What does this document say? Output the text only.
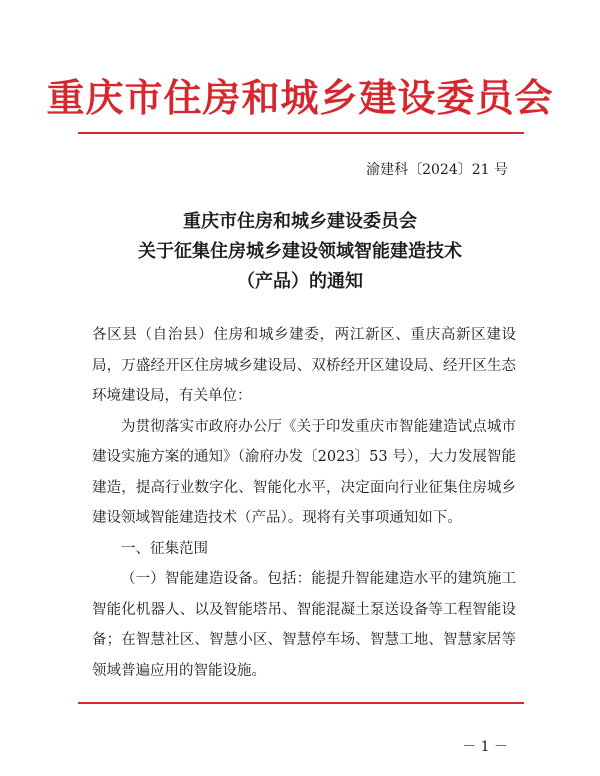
重庆市住房和城乡建设委员会
渝建科〔2024〕21 号
重庆市住房和城乡建设委员会
关于征集住房城乡建设领域智能建造技术
（产品）的通知

各区县（自治县）住房和城乡建委，两江新区、重庆高新区建设局，万盛经开区住房城乡建设局、双桥经开区建设局、经开区生态环境建设局，有关单位：

为贯彻落实市政府办公厅《关于印发重庆市智能建造试点城市建设实施方案的通知》（渝府办发〔2023〕53 号），大力发展智能建造，提高行业数字化、智能化水平，决定面向行业征集住房城乡建设领域智能建造技术（产品）。现将有关事项通知如下。

一、征集范围

（一）智能建造设备。包括：能提升智能建造水平的建筑施工智能化机器人、以及智能塔吊、智能混凝土泵送设备等工程智能设备；在智慧社区、智慧小区、智慧停车场、智慧工地、智慧家居等领域普遍应用的智能设施。

－ 1 －
